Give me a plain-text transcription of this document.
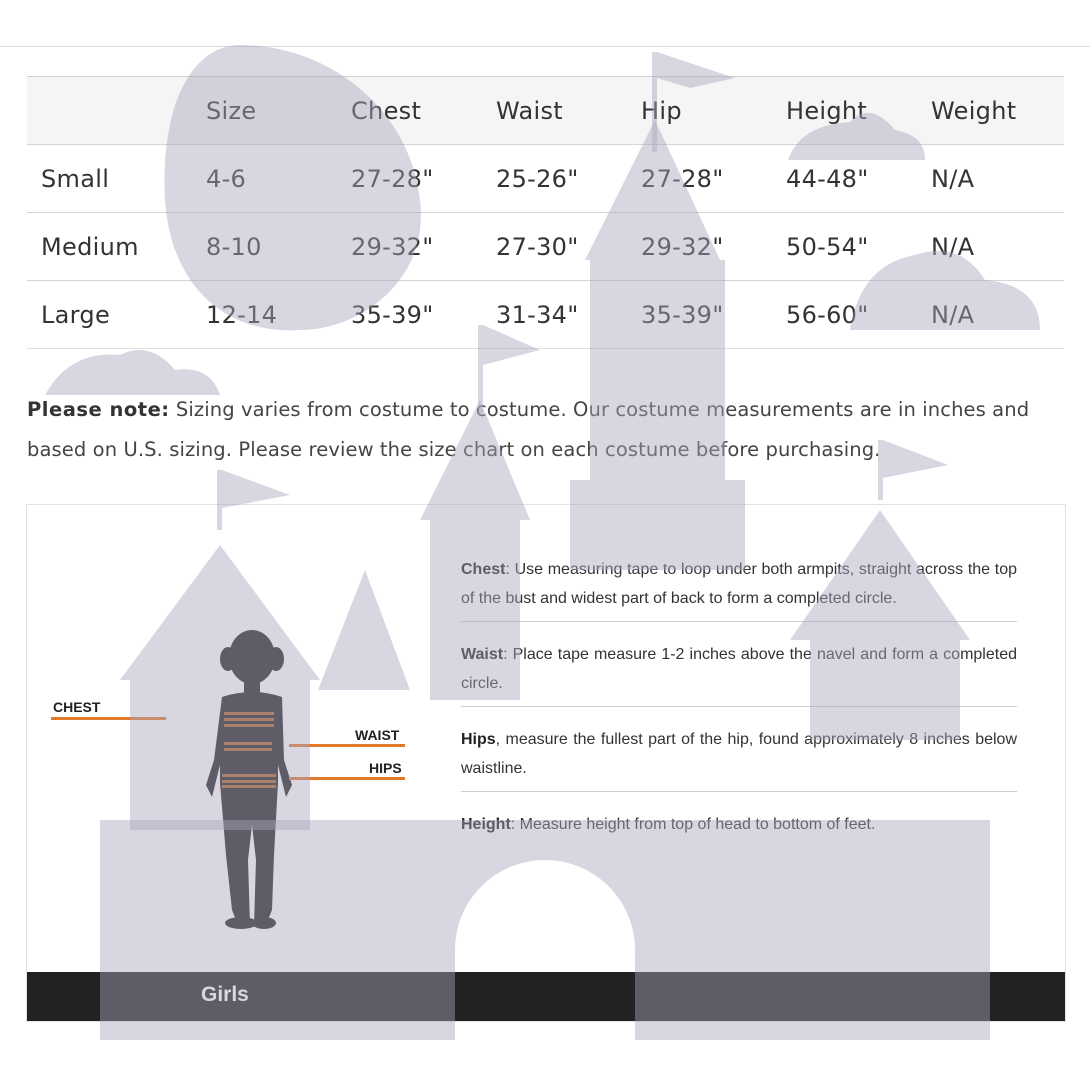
	Size	Chest	Waist	Hip	Height	Weight
Small	4-6	27-28"	25-26"	27-28"	44-48"	N/A
Medium	8-10	29-32"	27-30"	29-32"	50-54"	N/A
Large	12-14	35-39"	31-34"	35-39"	56-60"	N/A
Please note: Sizing varies from costume to costume. Our costume measurements are in inches and based on U.S. sizing. Please review the size chart on each costume before purchasing.
CHEST
WAIST
HIPS
Chest: Use measuring tape to loop under both armpits, straight across the top of the bust and widest part of back to form a completed circle.
Waist: Place tape measure 1-2 inches above the navel and form a completed circle.
Hips, measure the fullest part of the hip, found approximately 8 inches below waistline.
Height: Measure height from top of head to bottom of feet.
Girls
